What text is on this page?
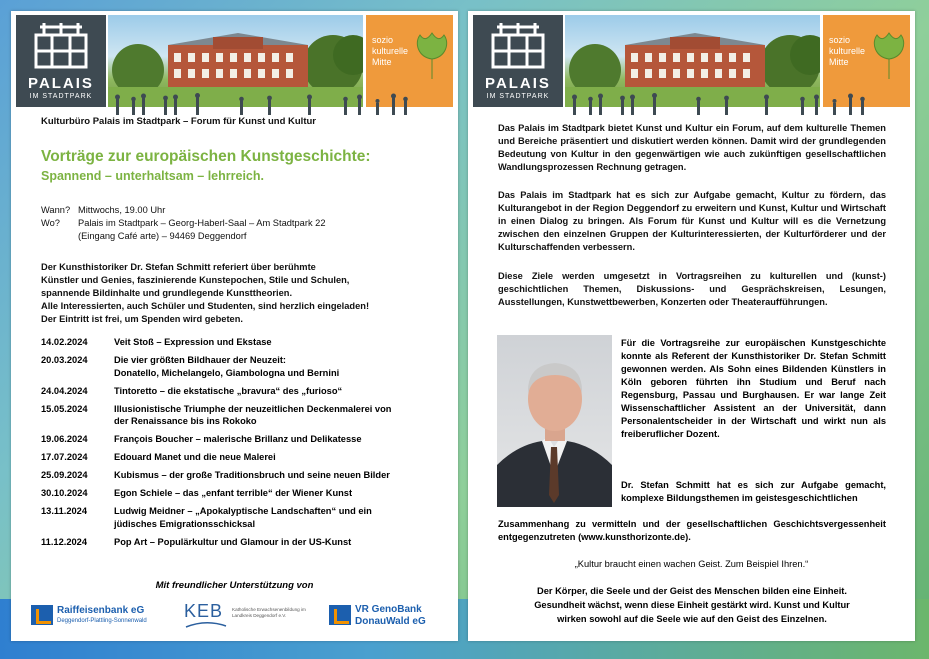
PALAIS
IM STADTPARK
sozio
kulturelle
Mitte
Kulturbüro Palais im Stadtpark – Forum für Kunst und Kultur
Vorträge zur europäischen Kunstgeschichte:
Spannend – unterhaltsam – lehrreich.
Wann?	Mittwochs, 19.00 Uhr
Wo?	Palais im Stadtpark – Georg-Haberl-Saal – Am Stadtpark 22
	(Eingang Café arte) – 94469 Deggendorf
Der Kunsthistoriker Dr. Stefan Schmitt referiert über berühmte
Künstler und Genies, faszinierende Kunstepochen, Stile und Schulen,
spannende Bildinhalte und grundlegende Kunsttheorien.
Alle Interessierten, auch Schüler und Studenten, sind herzlich eingeladen!
Der Eintritt ist frei, um Spenden wird gebeten.
14.02.2024	Veit Stoß – Expression und Ekstase
20.03.2024	Die vier größten Bildhauer der Neuzeit:
Donatello, Michelangelo, Giambologna und Bernini
24.04.2024	Tintoretto – die ekstatische „bravura“ des „furioso“
15.05.2024	Illusionistische Triumphe der neuzeitlichen Deckenmalerei von
der Renaissance bis ins Rokoko
19.06.2024	François Boucher – malerische Brillanz und Delikatesse
17.07.2024	Edouard Manet und die neue Malerei
25.09.2024	Kubismus – der große Traditionsbruch und seine neuen Bilder
30.10.2024	Egon Schiele – das „enfant terrible“ der Wiener Kunst
13.11.2024	Ludwig Meidner – „Apokalyptische Landschaften“ und ein
jüdisches Emigrationsschicksal
11.12.2024	Pop Art – Populärkultur und Glamour in der US-Kunst
Mit freundlicher Unterstützung von
Raiffeisenbank eG
Deggendorf-Plattling-Sonnenwald KEB Katholische Erwachsenenbildung im Landkreis Deggendorf e.V.
VR GenoBank
DonauWald eG
PALAIS
IM STADTPARK
sozio
kulturelle
Mitte
Das Palais im Stadtpark bietet Kunst und Kultur ein Forum, auf dem kulturelle Themen und Bereiche präsentiert und diskutiert werden können. Damit wird der grundlegenden Bedeutung von Kultur in den gegenwärtigen wie auch zukünftigen gesellschaftlichen Wandlungsprozessen Rechnung getragen.
Das Palais im Stadtpark hat es sich zur Aufgabe gemacht, Kultur zu fördern, das Kulturangebot in der Region Deggendorf zu erweitern und Kunst, Kultur und Wirtschaft in einen Dialog zu bringen. Als Forum für Kunst und Kultur will es die Vernetzung zwischen den einzelnen Gruppen der Kulturinteressierten, der Kulturförderer und der Kulturschaffenden verbessern.
Diese Ziele werden umgesetzt in Vortragsreihen zu kulturellen und (kunst-) geschichtlichen Themen, Diskussions- und Gesprächskreisen, Lesungen, Ausstellungen, Kunstwettbewerben, Konzerten oder Theateraufführungen.
Für die Vortragsreihe zur europäischen Kunstgeschichte konnte als Referent der Kunsthistoriker Dr. Stefan Schmitt gewonnen werden. Als Sohn eines Bildenden Künstlers in Köln geboren führten ihn Studium und Beruf nach Regensburg, Passau und Burghausen. Er war lange Zeit Wissenschaftlicher Assistent an der Universität, dann Personalentscheider in der Wirtschaft und wirkt nun als freiberuflicher Dozent.
Dr. Stefan Schmitt hat es sich zur Aufgabe gemacht, komplexe Bildungsthemen im geistesgeschichtlichen
Zusammenhang zu vermitteln und der gesellschaftlichen Geschichtsvergessenheit entgegenzutreten (www.kunsthorizonte.de).
„Kultur braucht einen wachen Geist. Zum Beispiel Ihren.“
Der Körper, die Seele und der Geist des Menschen bilden eine Einheit.
Gesundheit wächst, wenn diese Einheit gestärkt wird. Kunst und Kultur
wirken sowohl auf die Seele wie auf den Geist des Einzelnen.
